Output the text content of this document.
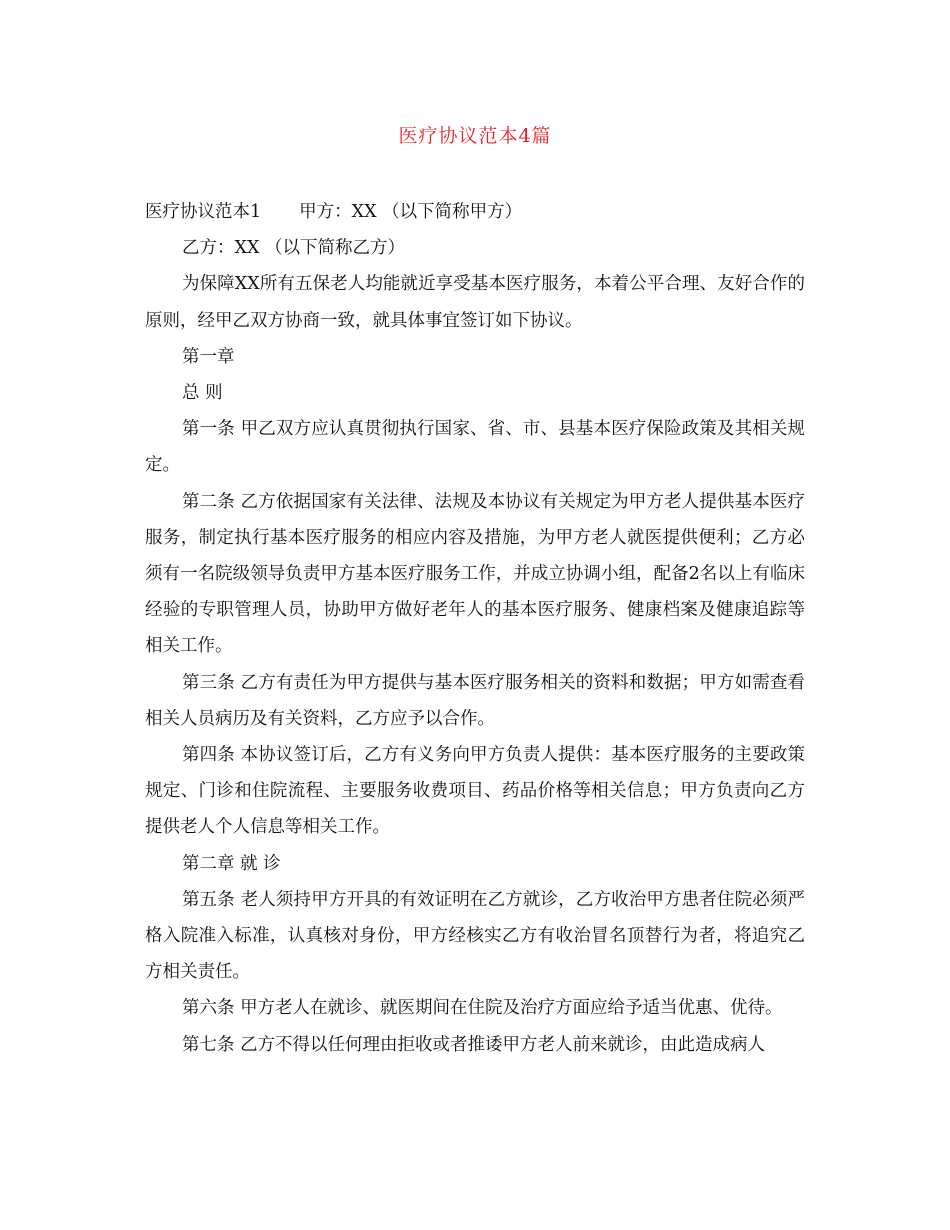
医疗协议范本4篇

医疗协议范本1 甲方：XX （以下简称甲方）

乙方：XX （以下简称乙方）

为保障XX所有五保老人均能就近享受基本医疗服务，本着公平合理、友好合作的原则，经甲乙双方协商一致，就具体事宜签订如下协议。

第一章

总 则

第一条 甲乙双方应认真贯彻执行国家、省、市、县基本医疗保险政策及其相关规定。

第二条 乙方依据国家有关法律、法规及本协议有关规定为甲方老人提供基本医疗服务，制定执行基本医疗服务的相应内容及措施，为甲方老人就医提供便利；乙方必须有一名院级领导负责甲方基本医疗服务工作，并成立协调小组，配备2名以上有临床经验的专职管理人员，协助甲方做好老年人的基本医疗服务、健康档案及健康追踪等相关工作。

第三条 乙方有责任为甲方提供与基本医疗服务相关的资料和数据；甲方如需查看相关人员病历及有关资料，乙方应予以合作。

第四条 本协议签订后，乙方有义务向甲方负责人提供：基本医疗服务的主要政策规定、门诊和住院流程、主要服务收费项目、药品价格等相关信息；甲方负责向乙方提供老人个人信息等相关工作。

第二章 就 诊

第五条 老人须持甲方开具的有效证明在乙方就诊，乙方收治甲方患者住院必须严格入院准入标准，认真核对身份，甲方经核实乙方有收治冒名顶替行为者，将追究乙方相关责任。

第六条 甲方老人在就诊、就医期间在住院及治疗方面应给予适当优惠、优待。

第七条 乙方不得以任何理由拒收或者推诿甲方老人前来就诊，由此造成病人
